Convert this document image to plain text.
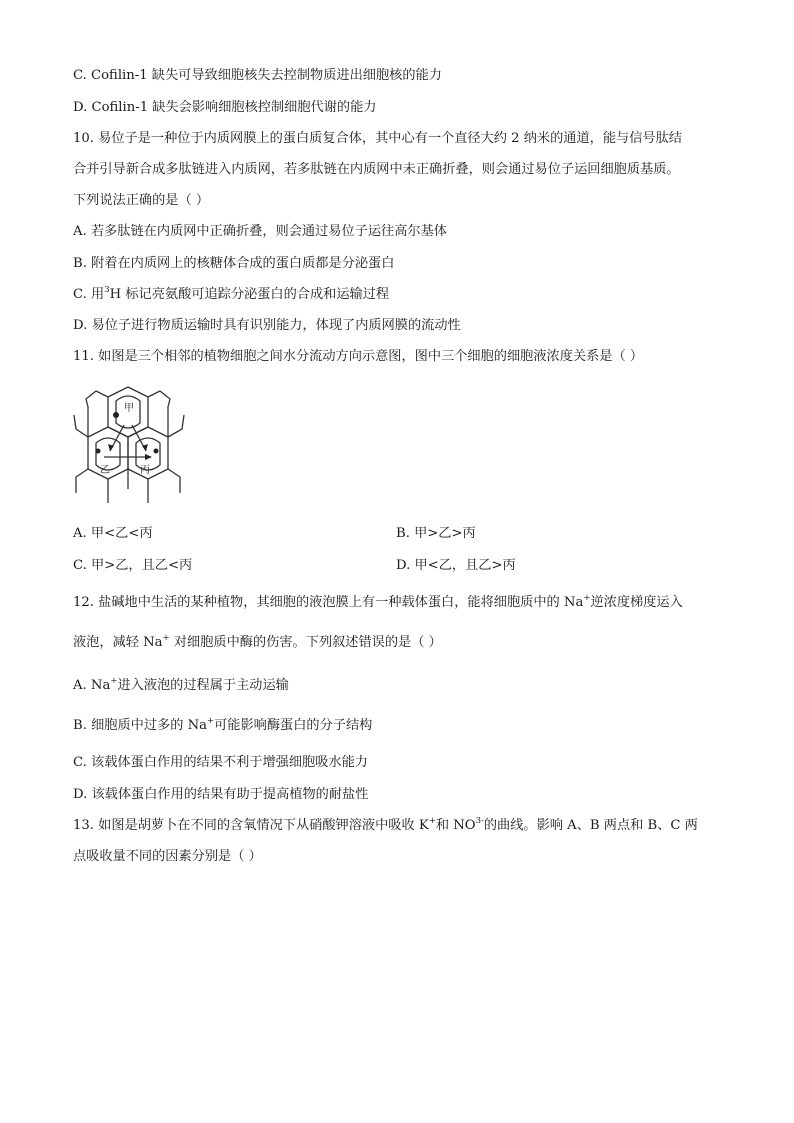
C. Cofilin-1 缺失可导致细胞核失去控制物质进出细胞核的能力
D. Cofilin-1 缺失会影响细胞核控制细胞代谢的能力
10. 易位子是一种位于内质网膜上的蛋白质复合体，其中心有一个直径大约 2 纳米的通道，能与信号肽结
合并引导新合成多肽链进入内质网，若多肽链在内质网中未正确折叠，则会通过易位子运回细胞质基质。
下列说法正确的是（ ）
A. 若多肽链在内质网中正确折叠，则会通过易位子运往高尔基体
B. 附着在内质网上的核糖体合成的蛋白质都是分泌蛋白
C. 用$^3$H 标记亮氨酸可追踪分泌蛋白的合成和运输过程
D. 易位子进行物质运输时具有识别能力，体现了内质网膜的流动性
11. 如图是三个相邻的植物细胞之间水分流动方向示意图，图中三个细胞的细胞液浓度关系是（ ）
甲
乙	丙
A. 甲<乙<丙	B. 甲>乙>丙
C. 甲>乙，且乙<丙	D. 甲<乙，且乙>丙
12. 盐碱地中生活的某种植物，其细胞的液泡膜上有一种载体蛋白，能将细胞质中的 Na+逆浓度梯度运入
液泡，减轻 Na+ 对细胞质中酶的伤害。下列叙述错误的是（ ）
A. Na+进入液泡的过程属于主动运输
B. 细胞质中过多的 Na+可能影响酶蛋白的分子结构
C. 该载体蛋白作用的结果不利于增强细胞吸水能力
D. 该载体蛋白作用的结果有助于提高植物的耐盐性
13. 如图是胡萝卜在不同的含氧情况下从硝酸钾溶液中吸收 K+和 $NO^{3-}$的曲线。影响 A、B 两点和 B、C 两
点吸收量不同的因素分别是（ ）
